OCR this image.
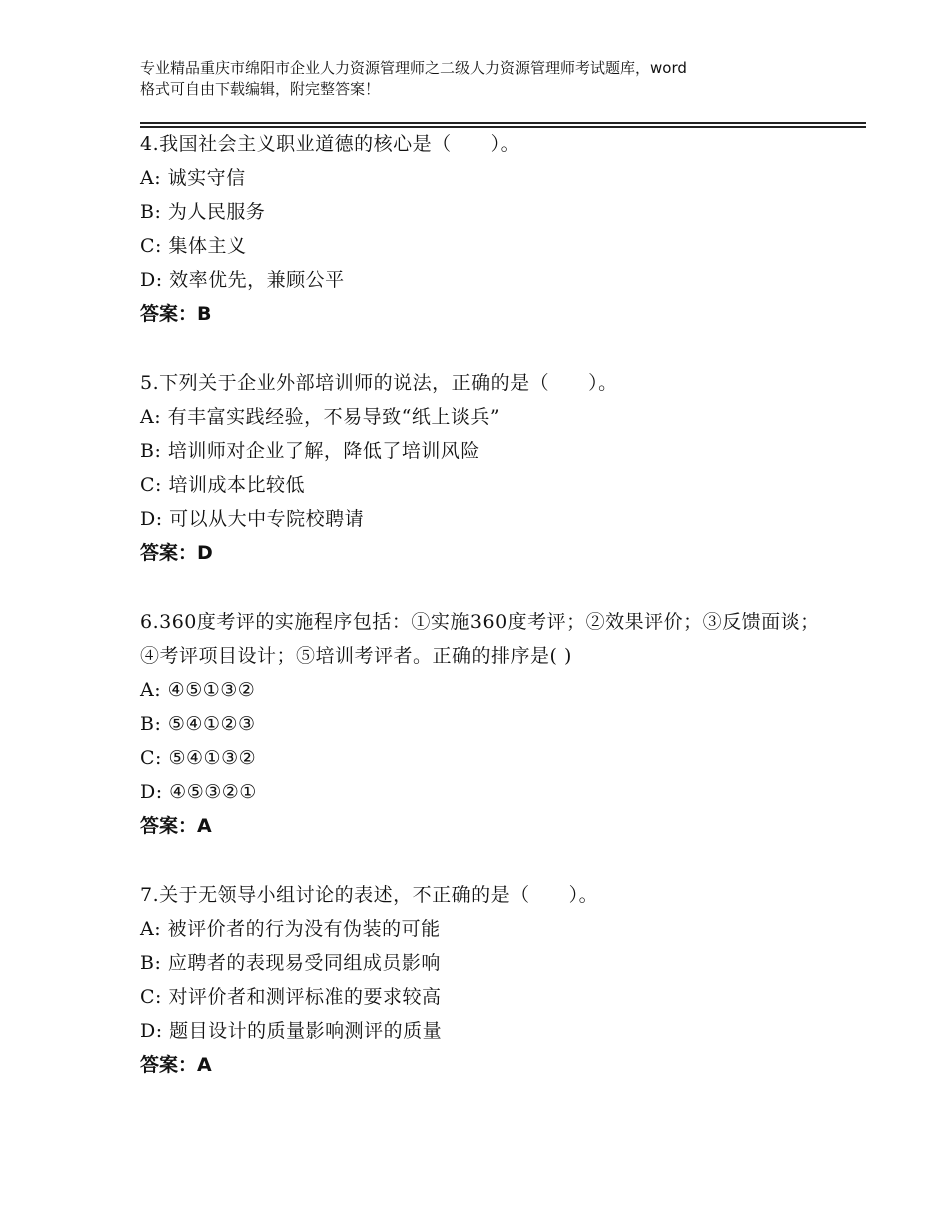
专业精品重庆市绵阳市企业人力资源管理师之二级人力资源管理师考试题库，word
格式可自由下载编辑，附完整答案！
4.我国社会主义职业道德的核心是（　　）。
A: 诚实守信
B: 为人民服务
C: 集体主义
D: 效率优先，兼顾公平
答案：B
5.下列关于企业外部培训师的说法，正确的是（　　）。
A: 有丰富实践经验，不易导致“纸上谈兵”
B: 培训师对企业了解，降低了培训风险
C: 培训成本比较低
D: 可以从大中专院校聘请
答案：D
6.360度考评的实施程序包括：①实施360度考评；②效果评价；③反馈面谈；④考评项目设计；⑤培训考评者。正确的排序是( )
A: ④⑤①③②
B: ⑤④①②③
C: ⑤④①③②
D: ④⑤③②①
答案：A
7.关于无领导小组讨论的表述，不正确的是（　　）。
A: 被评价者的行为没有伪装的可能
B: 应聘者的表现易受同组成员影响
C: 对评价者和测评标准的要求较高
D: 题目设计的质量影响测评的质量
答案：A
